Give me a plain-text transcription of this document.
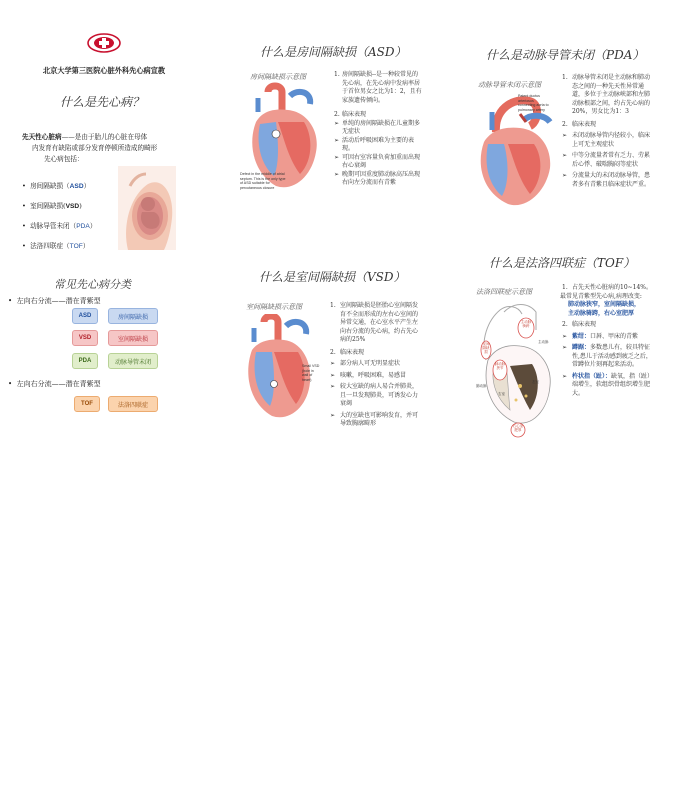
北京大学第三医院心脏外科先心病宣教
什么是先心病？
先天性心脏病——是由于胎儿的心脏在母体
内发育有缺陷或部分发育停顿所造成的畸形
先心病包括：
•  房间隔缺损（ASD）
•  室间隔缺损(VSD)
•  动脉导管未闭（PDA）
•  法洛四联症（TOF）
常见先心病分类
•  左向右分流——潜在青紫型
ASD	房间隔缺损
VSD	室间隔缺损
PDA	动脉导管未闭
•  左向右分流——潜在青紫型
TOF	法洛四联症
什么是房间隔缺损（ASD）
房间隔缺损示意图
Defect in the middle of atrial septum. This is the only type of ASD suitable for percutaneous closure
1. 房间隔缺损--是一种较常见的先心病，在先心病中发病率居于首位男女之比为1：2，且有家族遗传倾向。
2. 临床表现
➢ 单纯的房间隔缺损在儿童期多无症状
➢ 活动后呼吸困难为主要的表现。
➢ 可因右室容量负荷加重而出现右心衰竭
➢ 晚期可因重度肺动脉高压出现右向左分流而有青紫
什么是室间隔缺损（VSD）
室间隔缺损示意图
Small VSD (hole in wall of heart)
1. 室间隔缺损是胚胎心室间隔发育不全而形成的左右心室间的异常交通，在心室水平产生左向右分流的先心病，约占先心病的25%
2. 临床表现
➢ 部分病人可无明显症状
➢ 咳嗽，呼吸困难，易感冒
➢ 较大室缺的病人易合并肺炎，且一旦发现肺炎，可诱发心力衰竭
➢ 大的室缺也可影响发育，并可导致胸廓畸形
什么是动脉导管未闭（PDA）
动脉导管未闭示意图
Patent ductus arteriosus connecting aorta to pulmonary artery
1. 动脉导管未闭是主动脉和肺动态之间的一种先天性异常通道，多位于主动脉峡部和左肺动脉根部之间，约占先心病的20%，男女比为1：3
2. 临床表现
➢ 未闭动脉导管内径较小，临床上可无主观症状
➢ 中等分流量者常有乏力、劳累后心悸、破喘胸闷等症状
➢ 分流量大的未闭动脉导管，患者多有青紫且临床症状严重。
什么是法洛四联症（TOF）
法洛四联症示意图
主动脉骑跨
肺动脉狭窄
室间隔缺损
右心室肥厚
右室
左室
肺动脉
主动脉
1. 占先天性心脏病的10~14%。
最常见青紫型先心病,病理改变:
肺动脉狭窄，室间隔缺损，
主动脉骑跨，右心室肥厚
2. 临床表现
➢ 紫绀：口唇、甲床的青紫
➢ 蹲踞：多数患儿有，较具特征性,患儿于活动感到疲乏之后，常蹲位片刻再起来活动。
➢ 杵状指（趾）：缺氧，指（趾）端增生，软组织骨组织增生肥大。
